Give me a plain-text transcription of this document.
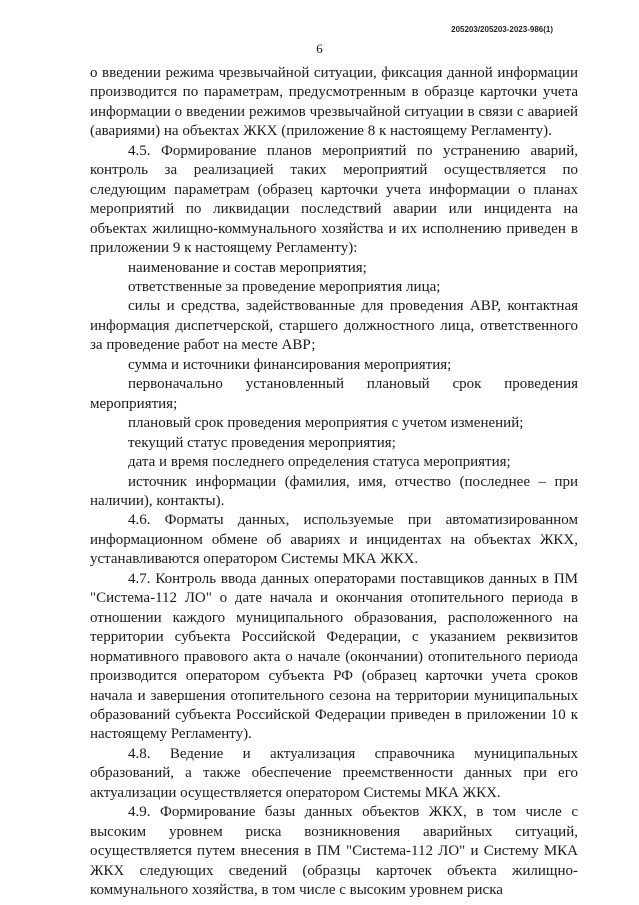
205203/205203-2023-986(1)
6

о введении режима чрезвычайной ситуации, фиксация данной информации производится по параметрам, предусмотренным в образце карточки учета информации о введении режимов чрезвычайной ситуации в связи с аварией (авариями) на объектах ЖКХ (приложение 8 к настоящему Регламенту).

4.5. Формирование планов мероприятий по устранению аварий, контроль за реализацией таких мероприятий осуществляется по следующим параметрам (образец карточки учета информации о планах мероприятий по ликвидации последствий аварии или инцидента на объектах жилищно-коммунального хозяйства и их исполнению приведен в приложении 9 к настоящему Регламенту):

наименование и состав мероприятия;

ответственные за проведение мероприятия лица;

силы и средства, задействованные для проведения АВР, контактная информация диспетчерской, старшего должностного лица, ответственного за проведение работ на месте АВР;

сумма и источники финансирования мероприятия;

первоначально установленный плановый срок проведения мероприятия;

плановый срок проведения мероприятия с учетом изменений;

текущий статус проведения мероприятия;

дата и время последнего определения статуса мероприятия;

источник информации (фамилия, имя, отчество (последнее – при наличии), контакты).

4.6. Форматы данных, используемые при автоматизированном информационном обмене об авариях и инцидентах на объектах ЖКХ, устанавливаются оператором Системы МКА ЖКХ.

4.7. Контроль ввода данных операторами поставщиков данных в ПМ "Система-112 ЛО" о дате начала и окончания отопительного периода в отношении каждого муниципального образования, расположенного на территории субъекта Российской Федерации, с указанием реквизитов нормативного правового акта о начале (окончании) отопительного периода производится оператором субъекта РФ (образец карточки учета сроков начала и завершения отопительного сезона на территории муниципальных образований субъекта Российской Федерации приведен в приложении 10 к настоящему Регламенту).

4.8. Ведение и актуализация справочника муниципальных образований, а также обеспечение преемственности данных при его актуализации осуществляется оператором Системы МКА ЖКХ.

4.9. Формирование базы данных объектов ЖКХ, в том числе с высоким уровнем риска возникновения аварийных ситуаций, осуществляется путем внесения в ПМ "Система-112 ЛО" и Систему МКА ЖКХ следующих сведений (образцы карточек объекта жилищно-коммунального хозяйства, в том числе с высоким уровнем риска
